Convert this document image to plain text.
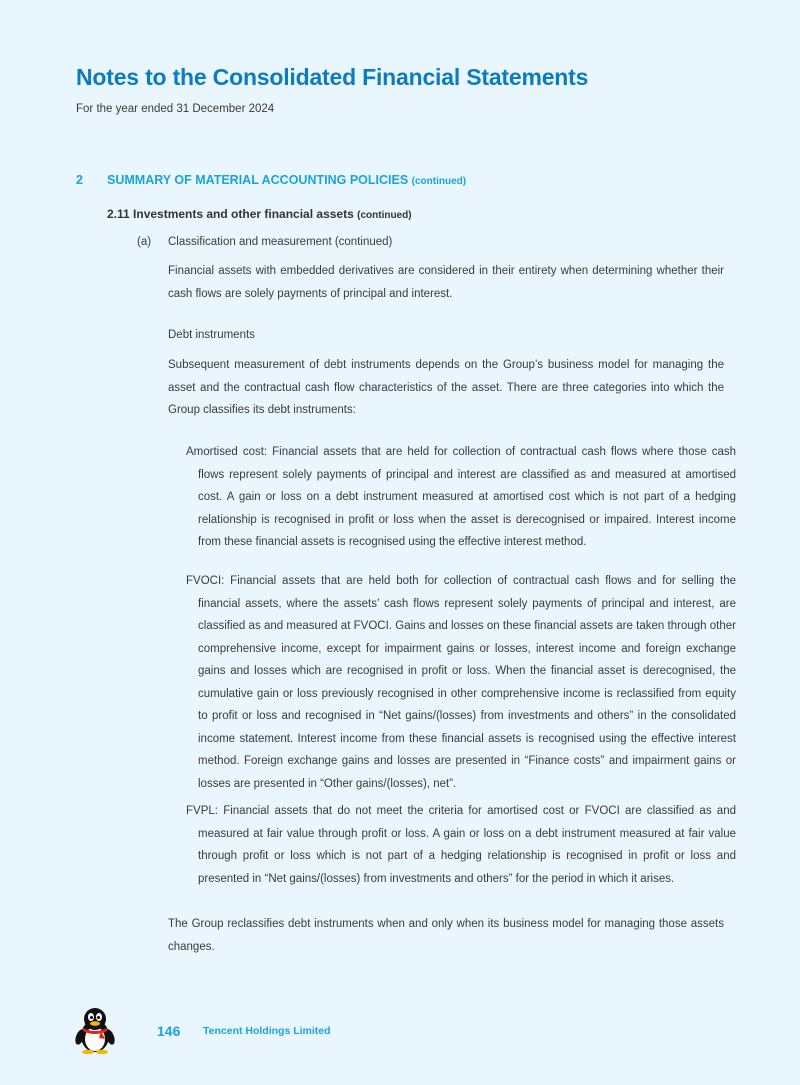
Notes to the Consolidated Financial Statements
For the year ended 31 December 2024
2 SUMMARY OF MATERIAL ACCOUNTING POLICIES (continued)
2.11 Investments and other financial assets (continued)
(a) Classification and measurement (continued)

Financial assets with embedded derivatives are considered in their entirety when determining whether their cash flows are solely payments of principal and interest.

Debt instruments

Subsequent measurement of debt instruments depends on the Group’s business model for managing the asset and the contractual cash flow characteristics of the asset. There are three categories into which the Group classifies its debt instruments:

Amortised cost: Financial assets that are held for collection of contractual cash flows where those cash flows represent solely payments of principal and interest are classified as and measured at amortised cost. A gain or loss on a debt instrument measured at amortised cost which is not part of a hedging relationship is recognised in profit or loss when the asset is derecognised or impaired. Interest income from these financial assets is recognised using the effective interest method.

FVOCI: Financial assets that are held both for collection of contractual cash flows and for selling the financial assets, where the assets’ cash flows represent solely payments of principal and interest, are classified as and measured at FVOCI. Gains and losses on these financial assets are taken through other comprehensive income, except for impairment gains or losses, interest income and foreign exchange gains and losses which are recognised in profit or loss. When the financial asset is derecognised, the cumulative gain or loss previously recognised in other comprehensive income is reclassified from equity to profit or loss and recognised in “Net gains/(losses) from investments and others” in the consolidated income statement. Interest income from these financial assets is recognised using the effective interest method. Foreign exchange gains and losses are presented in “Finance costs” and impairment gains or losses are presented in “Other gains/(losses), net”.

FVPL: Financial assets that do not meet the criteria for amortised cost or FVOCI are classified as and measured at fair value through profit or loss. A gain or loss on a debt instrument measured at fair value through profit or loss which is not part of a hedging relationship is recognised in profit or loss and presented in “Net gains/(losses) from investments and others” for the period in which it arises.

The Group reclassifies debt instruments when and only when its business model for managing those assets changes.

146 Tencent Holdings Limited
